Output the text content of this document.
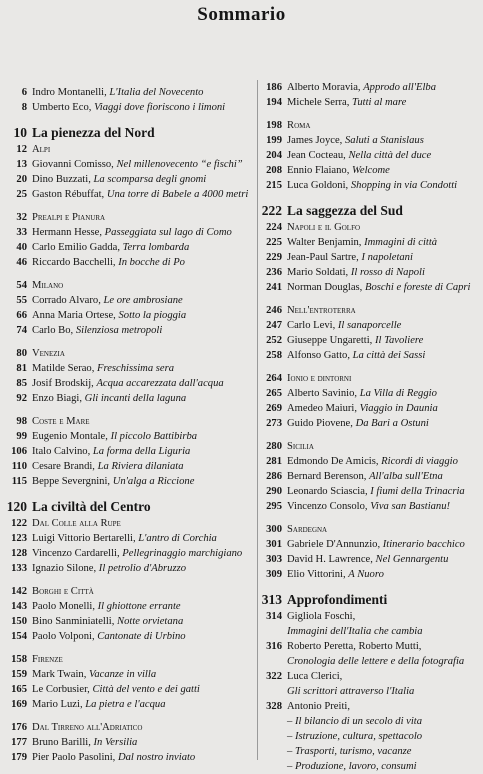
Sommario
6 Indro Montanelli, L'Italia del Novecento
8 Umberto Eco, Viaggi dove fioriscono i limoni
10 La pienezza del Nord
12 Alpi
13 Giovanni Comisso, Nel millenovecento “e fischi”
20 Dino Buzzati, La scomparsa degli gnomi
25 Gaston Rébuffat, Una torre di Babele a 4000 metri
32 Prealpi e Pianura
33 Hermann Hesse, Passeggiata sul lago di Como
40 Carlo Emilio Gadda, Terra lombarda
46 Riccardo Bacchelli, In bocche di Po
54 Milano
55 Corrado Alvaro, Le ore ambrosiane
66 Anna Maria Ortese, Sotto la pioggia
74 Carlo Bo, Silenziosa metropoli
80 Venezia
81 Matilde Serao, Freschissima sera
85 Josif Brodskij, Acqua accarezzata dall'acqua
92 Enzo Biagi, Gli incanti della laguna
98 Coste e Mare
99 Eugenio Montale, Il piccolo Battibirba
106 Italo Calvino, La forma della Liguria
110 Cesare Brandi, La Riviera dilaniata
115 Beppe Severgnini, Un'alga a Riccione
120 La civiltà del Centro
122 Dal Colle alla Rupe
123 Luigi Vittorio Bertarelli, L'antro di Corchia
128 Vincenzo Cardarelli, Pellegrinaggio marchigiano
133 Ignazio Silone, Il petrolio d'Abruzzo
142 Borghi e Città
143 Paolo Monelli, Il ghiottone errante
150 Bino Sanminiatelli, Notte orvietana
154 Paolo Volponi, Cantonate di Urbino
158 Firenze
159 Mark Twain, Vacanze in villa
165 Le Corbusier, Città del vento e dei gatti
169 Mario Luzi, La pietra e l'acqua
176 Dal Tirreno all'Adriatico
177 Bruno Barilli, In Versilia
179 Pier Paolo Pasolini, Dal nostro inviato
186 Alberto Moravia, Approdo all'Elba
194 Michele Serra, Tutti al mare
198 Roma
199 James Joyce, Saluti a Stanislaus
204 Jean Cocteau, Nella città del duce
208 Ennio Flaiano, Welcome
215 Luca Goldoni, Shopping in via Condotti
222 La saggezza del Sud
224 Napoli e il Golfo
225 Walter Benjamin, Immagini di città
229 Jean-Paul Sartre, I napoletani
236 Mario Soldati, Il rosso di Napoli
241 Norman Douglas, Boschi e foreste di Capri
246 Nell'entroterra
247 Carlo Levi, Il sanaporcelle
252 Giuseppe Ungaretti, Il Tavoliere
258 Alfonso Gatto, La città dei Sassi
264 Ionio e dintorni
265 Alberto Savinio, La Villa di Reggio
269 Amedeo Maiuri, Viaggio in Daunia
273 Guido Piovene, Da Bari a Ostuni
280 Sicilia
281 Edmondo De Amicis, Ricordi di viaggio
286 Bernard Berenson, All'alba sull'Etna
290 Leonardo Sciascia, I fiumi della Trinacria
295 Vincenzo Consolo, Viva san Bastianu!
300 Sardegna
301 Gabriele D'Annunzio, Itinerario bacchico
303 David H. Lawrence, Nel Gennargentu
309 Elio Vittorini, A Nuoro
313 Approfondimenti
314 Gigliola Foschi,
Immagini dell'Italia che cambia
316 Roberto Peretta, Roberto Mutti,
Cronologia delle lettere e della fotografia
322 Luca Clerici,
Gli scrittori attraverso l'Italia
328 Antonio Preiti,
– Il bilancio di un secolo di vita
– Istruzione, cultura, spettacolo
– Trasporti, turismo, vacanze
– Produzione, lavoro, consumi
